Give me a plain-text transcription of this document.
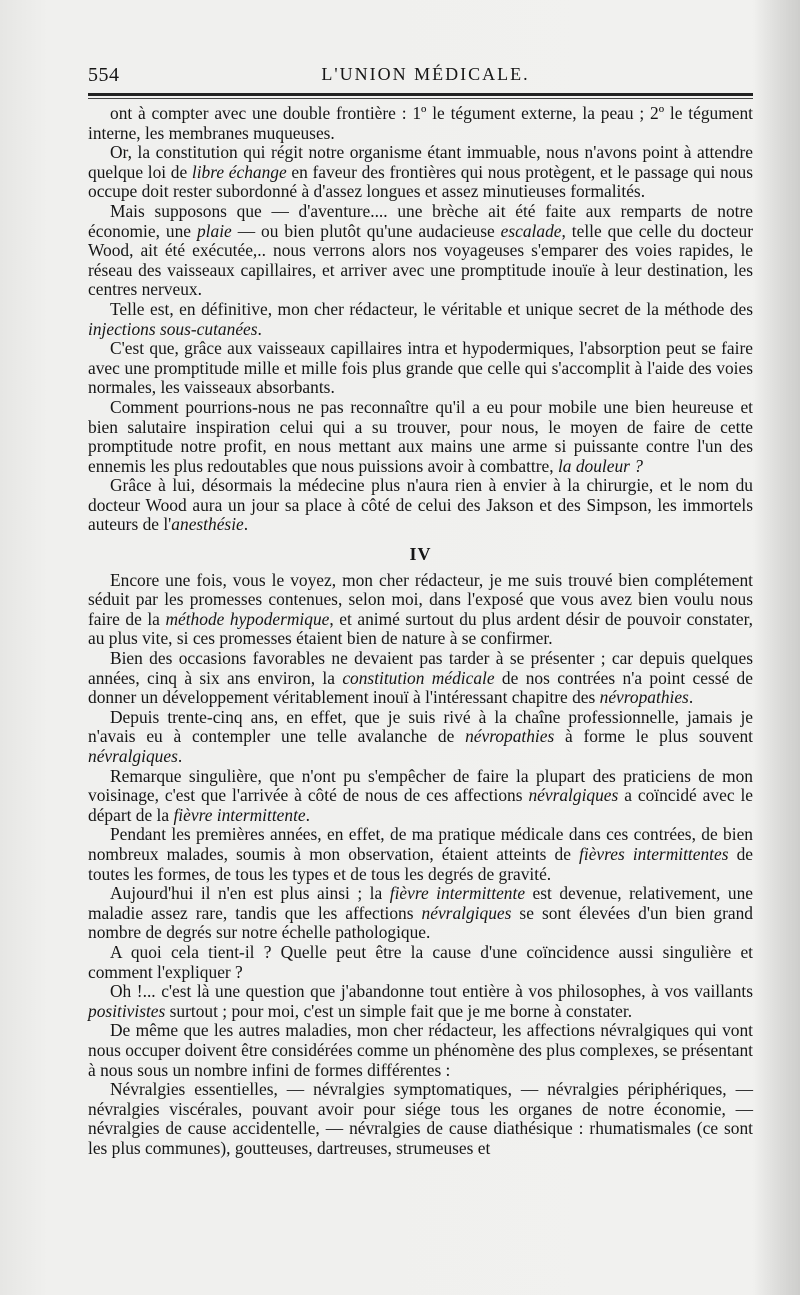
554	L'UNION MÉDICALE.

ont à compter avec une double frontière : 1º le tégument externe, la peau ; 2º le tégument interne, les membranes muqueuses.

Or, la constitution qui régit notre organisme étant immuable, nous n'avons point à attendre quelque loi de libre échange en faveur des frontières qui nous protègent, et le passage qui nous occupe doit rester subordonné à d'assez longues et assez minutieuses formalités.

Mais supposons que — d'aventure.... une brèche ait été faite aux remparts de notre économie, une plaie — ou bien plutôt qu'une audacieuse escalade, telle que celle du docteur Wood, ait été exécutée,.. nous verrons alors nos voyageuses s'emparer des voies rapides, le réseau des vaisseaux capillaires, et arriver avec une promptitude inouïe à leur destination, les centres nerveux.

Telle est, en définitive, mon cher rédacteur, le véritable et unique secret de la méthode des injections sous-cutanées.

C'est que, grâce aux vaisseaux capillaires intra et hypodermiques, l'absorption peut se faire avec une promptitude mille et mille fois plus grande que celle qui s'accomplit à l'aide des voies normales, les vaisseaux absorbants.

Comment pourrions-nous ne pas reconnaître qu'il a eu pour mobile une bien heureuse et bien salutaire inspiration celui qui a su trouver, pour nous, le moyen de faire de cette promptitude notre profit, en nous mettant aux mains une arme si puissante contre l'un des ennemis les plus redoutables que nous puissions avoir à combattre, la douleur ?

Grâce à lui, désormais la médecine plus n'aura rien à envier à la chirurgie, et le nom du docteur Wood aura un jour sa place à côté de celui des Jakson et des Simpson, les immortels auteurs de l'anesthésie.

IV

Encore une fois, vous le voyez, mon cher rédacteur, je me suis trouvé bien complétement séduit par les promesses contenues, selon moi, dans l'exposé que vous avez bien voulu nous faire de la méthode hypodermique, et animé surtout du plus ardent désir de pouvoir constater, au plus vite, si ces promesses étaient bien de nature à se confirmer.

Bien des occasions favorables ne devaient pas tarder à se présenter ; car depuis quelques années, cinq à six ans environ, la constitution médicale de nos contrées n'a point cessé de donner un développement véritablement inouï à l'intéressant chapitre des névropathies.

Depuis trente-cinq ans, en effet, que je suis rivé à la chaîne professionnelle, jamais je n'avais eu à contempler une telle avalanche de névropathies à forme le plus souvent névralgiques.

Remarque singulière, que n'ont pu s'empêcher de faire la plupart des praticiens de mon voisinage, c'est que l'arrivée à côté de nous de ces affections névralgiques a coïncidé avec le départ de la fièvre intermittente.

Pendant les premières années, en effet, de ma pratique médicale dans ces contrées, de bien nombreux malades, soumis à mon observation, étaient atteints de fièvres intermittentes de toutes les formes, de tous les types et de tous les degrés de gravité.

Aujourd'hui il n'en est plus ainsi ; la fièvre intermittente est devenue, relativement, une maladie assez rare, tandis que les affections névralgiques se sont élevées d'un bien grand nombre de degrés sur notre échelle pathologique.

A quoi cela tient-il ? Quelle peut être la cause d'une coïncidence aussi singulière et comment l'expliquer ?

Oh !... c'est là une question que j'abandonne tout entière à vos philosophes, à vos vaillants positivistes surtout ; pour moi, c'est un simple fait que je me borne à constater.

De même que les autres maladies, mon cher rédacteur, les affections névralgiques qui vont nous occuper doivent être considérées comme un phénomène des plus complexes, se présentant à nous sous un nombre infini de formes différentes :

Névralgies essentielles, — névralgies symptomatiques, — névralgies périphériques, — névralgies viscérales, pouvant avoir pour siége tous les organes de notre économie, — névralgies de cause accidentelle, — névralgies de cause diathésique : rhumatismales (ce sont les plus communes), goutteuses, dartreuses, strumeuses et
